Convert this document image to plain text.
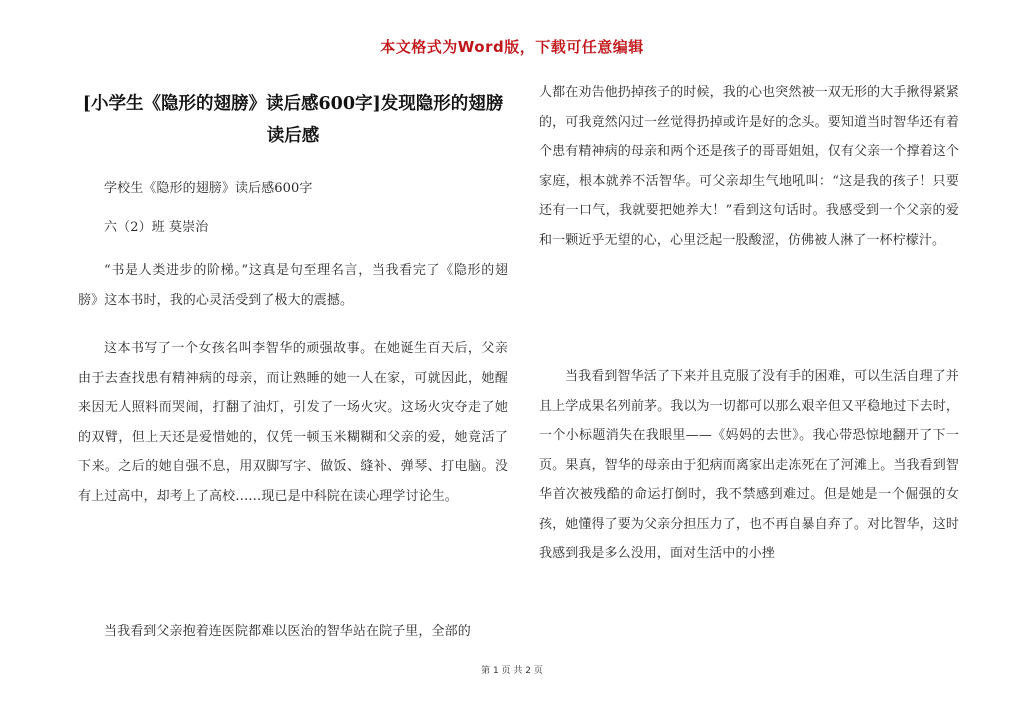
本文格式为Word版，下载可任意编辑
[小学生《隐形的翅膀》读后感600字]发现隐形的翅膀读后感
学校生《隐形的翅膀》读后感600字
六（2）班 莫崇治
“书是人类进步的阶梯。”这真是句至理名言，当我看完了《隐形的翅膀》这本书时，我的心灵活受到了极大的震撼。
这本书写了一个女孩名叫李智华的顽强故事。在她诞生百天后，父亲由于去查找患有精神病的母亲，而让熟睡的她一人在家，可就因此，她醒来因无人照料而哭闹，打翻了油灯，引发了一场火灾。这场火灾夺走了她的双臂，但上天还是爱惜她的，仅凭一顿玉米糊糊和父亲的爱，她竟活了下来。之后的她自强不息，用双脚写字、做饭、缝补、弹琴、打电脑。没有上过高中，却考上了高校……现已是中科院在读心理学讨论生。
当我看到父亲抱着连医院都难以医治的智华站在院子里，全部的
人都在劝告他扔掉孩子的时候，我的心也突然被一双无形的大手揪得紧紧的，可我竟然闪过一丝觉得扔掉或许是好的念头。要知道当时智华还有着个患有精神病的母亲和两个还是孩子的哥哥姐姐，仅有父亲一个撑着这个家庭，根本就养不活智华。可父亲却生气地吼叫：“这是我的孩子！只要还有一口气，我就要把她养大！”看到这句话时。我感受到一个父亲的爱和一颗近乎无望的心，心里泛起一股酸涩，仿佛被人淋了一杯柠檬汁。
当我看到智华活了下来并且克服了没有手的困难，可以生活自理了并且上学成果名列前茅。我以为一切都可以那么艰辛但又平稳地过下去时，一个小标题消失在我眼里——《妈妈的去世》。我心带恐惊地翻开了下一页。果真，智华的母亲由于犯病而离家出走冻死在了河滩上。当我看到智华首次被残酷的命运打倒时，我不禁感到难过。但是她是一个倔强的女孩，她懂得了要为父亲分担压力了，也不再自暴自弃了。对比智华，这时我感到我是多么没用，面对生活中的小挫
第 1 页 共 2 页
